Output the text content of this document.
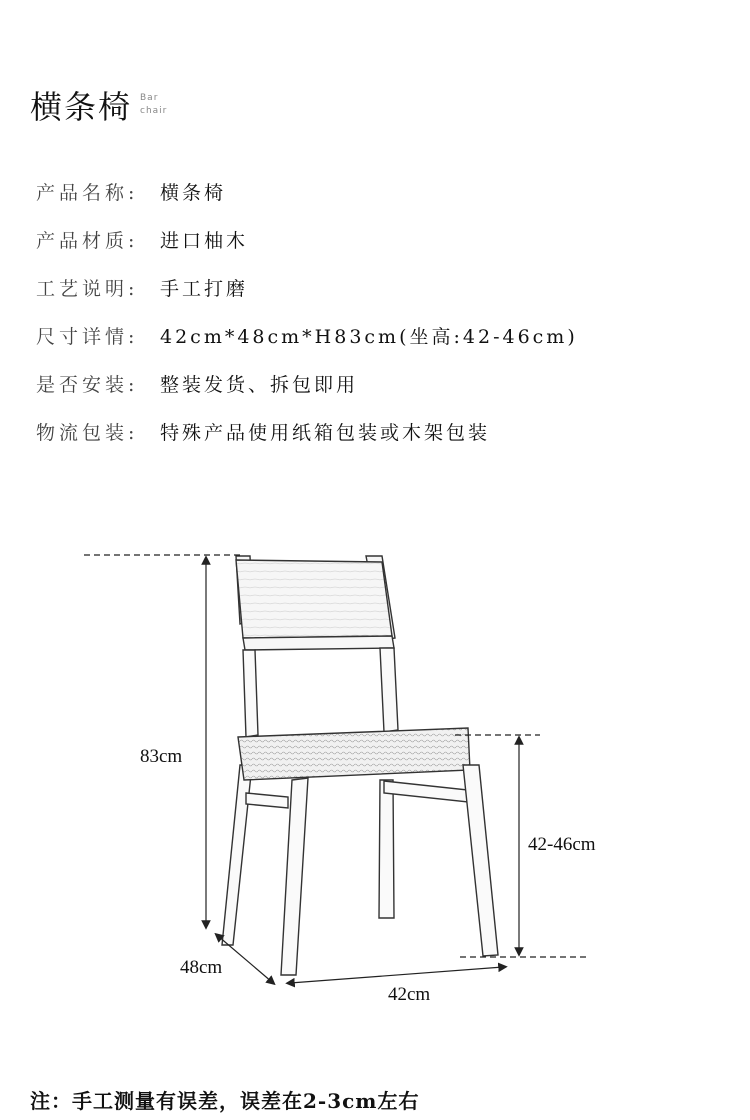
横条椅 Bar
chair
产品名称:	横条椅
产品材质:	进口柚木
工艺说明:	手工打磨
尺寸详情:	42cm*48cm*H83cm(坐高:42-46cm)
是否安装:	整装发货、拆包即用
物流包装:	特殊产品使用纸箱包装或木架包装
83cm
42-46cm
48cm
42cm
注：手工测量有误差，误差在2-3cm左右
